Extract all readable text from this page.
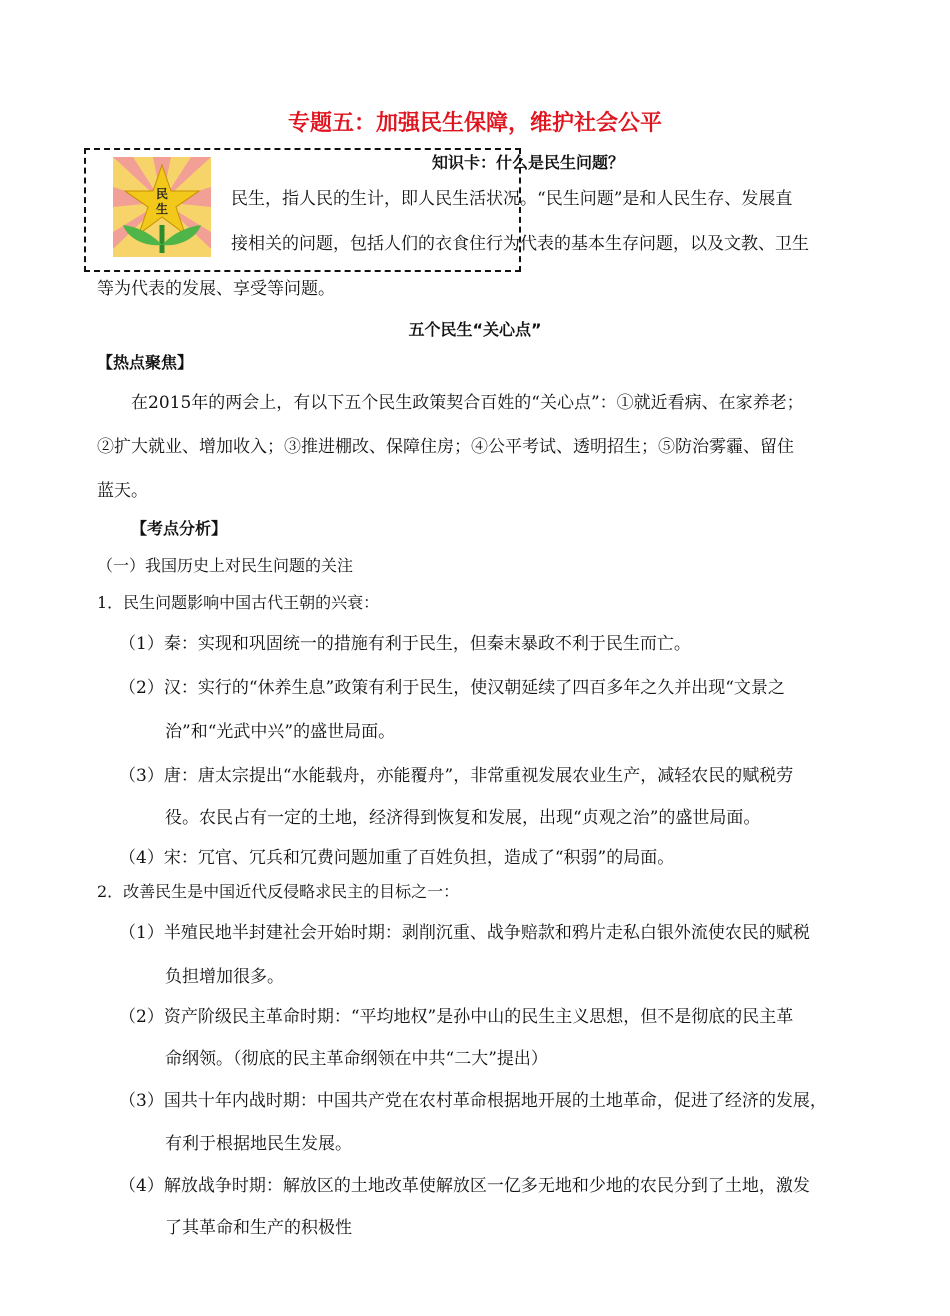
专题五：加强民生保障，维护社会公平
民生
知识卡：什么是民生问题？
民生，指人民的生计，即人民生活状况。“民生问题”是和人民生存、发展直
接相关的问题，包括人们的衣食住行为代表的基本生存问题，以及文教、卫生
等为代表的发展、享受等问题。
五个民生“关心点”
【热点聚焦】
在2015年的两会上，有以下五个民生政策契合百姓的“关心点”：①就近看病、在家养老；
②扩大就业、增加收入；③推进棚改、保障住房；④公平考试、透明招生；⑤防治雾霾、留住
蓝天。
【考点分析】
（一）我国历史上对民生问题的关注
1．民生问题影响中国古代王朝的兴衰：
（1）秦：实现和巩固统一的措施有利于民生，但秦末暴政不利于民生而亡。
（2）汉：实行的“休养生息”政策有利于民生，使汉朝延续了四百多年之久并出现“文景之
治”和“光武中兴”的盛世局面。
（3）唐：唐太宗提出“水能载舟，亦能覆舟”，非常重视发展农业生产，减轻农民的赋税劳
役。农民占有一定的土地，经济得到恢复和发展，出现“贞观之治”的盛世局面。
（4）宋：冗官、冗兵和冗费问题加重了百姓负担，造成了“积弱”的局面。
2．改善民生是中国近代反侵略求民主的目标之一：
（1）半殖民地半封建社会开始时期：剥削沉重、战争赔款和鸦片走私白银外流使农民的赋税
负担增加很多。
（2）资产阶级民主革命时期：“平均地权”是孙中山的民生主义思想，但不是彻底的民主革
命纲领。（彻底的民主革命纲领在中共“二大”提出）
（3）国共十年内战时期：中国共产党在农村革命根据地开展的土地革命，促进了经济的发展，
有利于根据地民生发展。
（4）解放战争时期：解放区的土地改革使解放区一亿多无地和少地的农民分到了土地，激发
了其革命和生产的积极性
